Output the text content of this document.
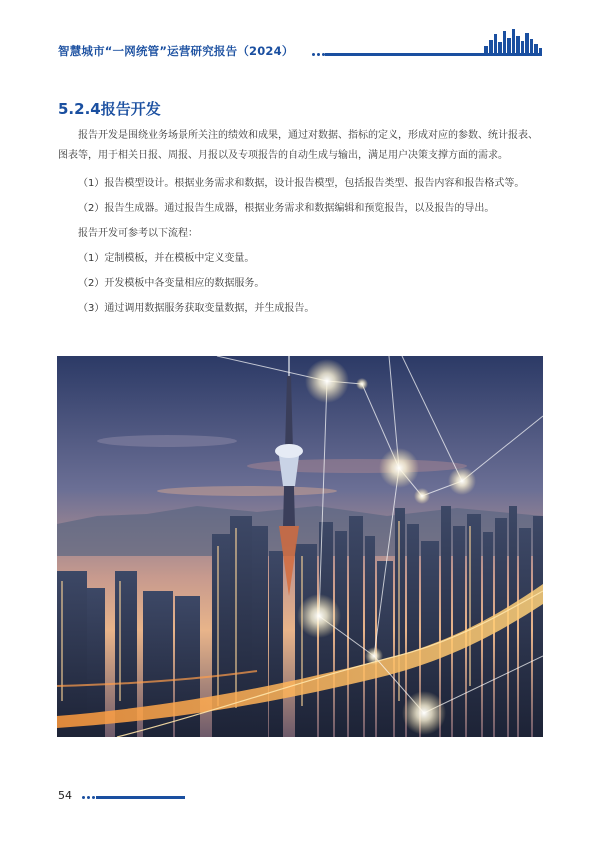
智慧城市“一网统管”运营研究报告（2024）
5.2.4报告开发
报告开发是围绕业务场景所关注的绩效和成果，通过对数据、指标的定义，形成对应的参数、统计报表、图表等，用于相关日报、周报、月报以及专项报告的自动生成与输出，满足用户决策支撑方面的需求。
（1）报告模型设计。根据业务需求和数据，设计报告模型，包括报告类型、报告内容和报告格式等。
（2）报告生成器。通过报告生成器，根据业务需求和数据编辑和预览报告，以及报告的导出。
报告开发可参考以下流程：
（1）定制模板，并在模板中定义变量。
（2）开发模板中各变量相应的数据服务。
（3）通过调用数据服务获取变量数据，并生成报告。
54
